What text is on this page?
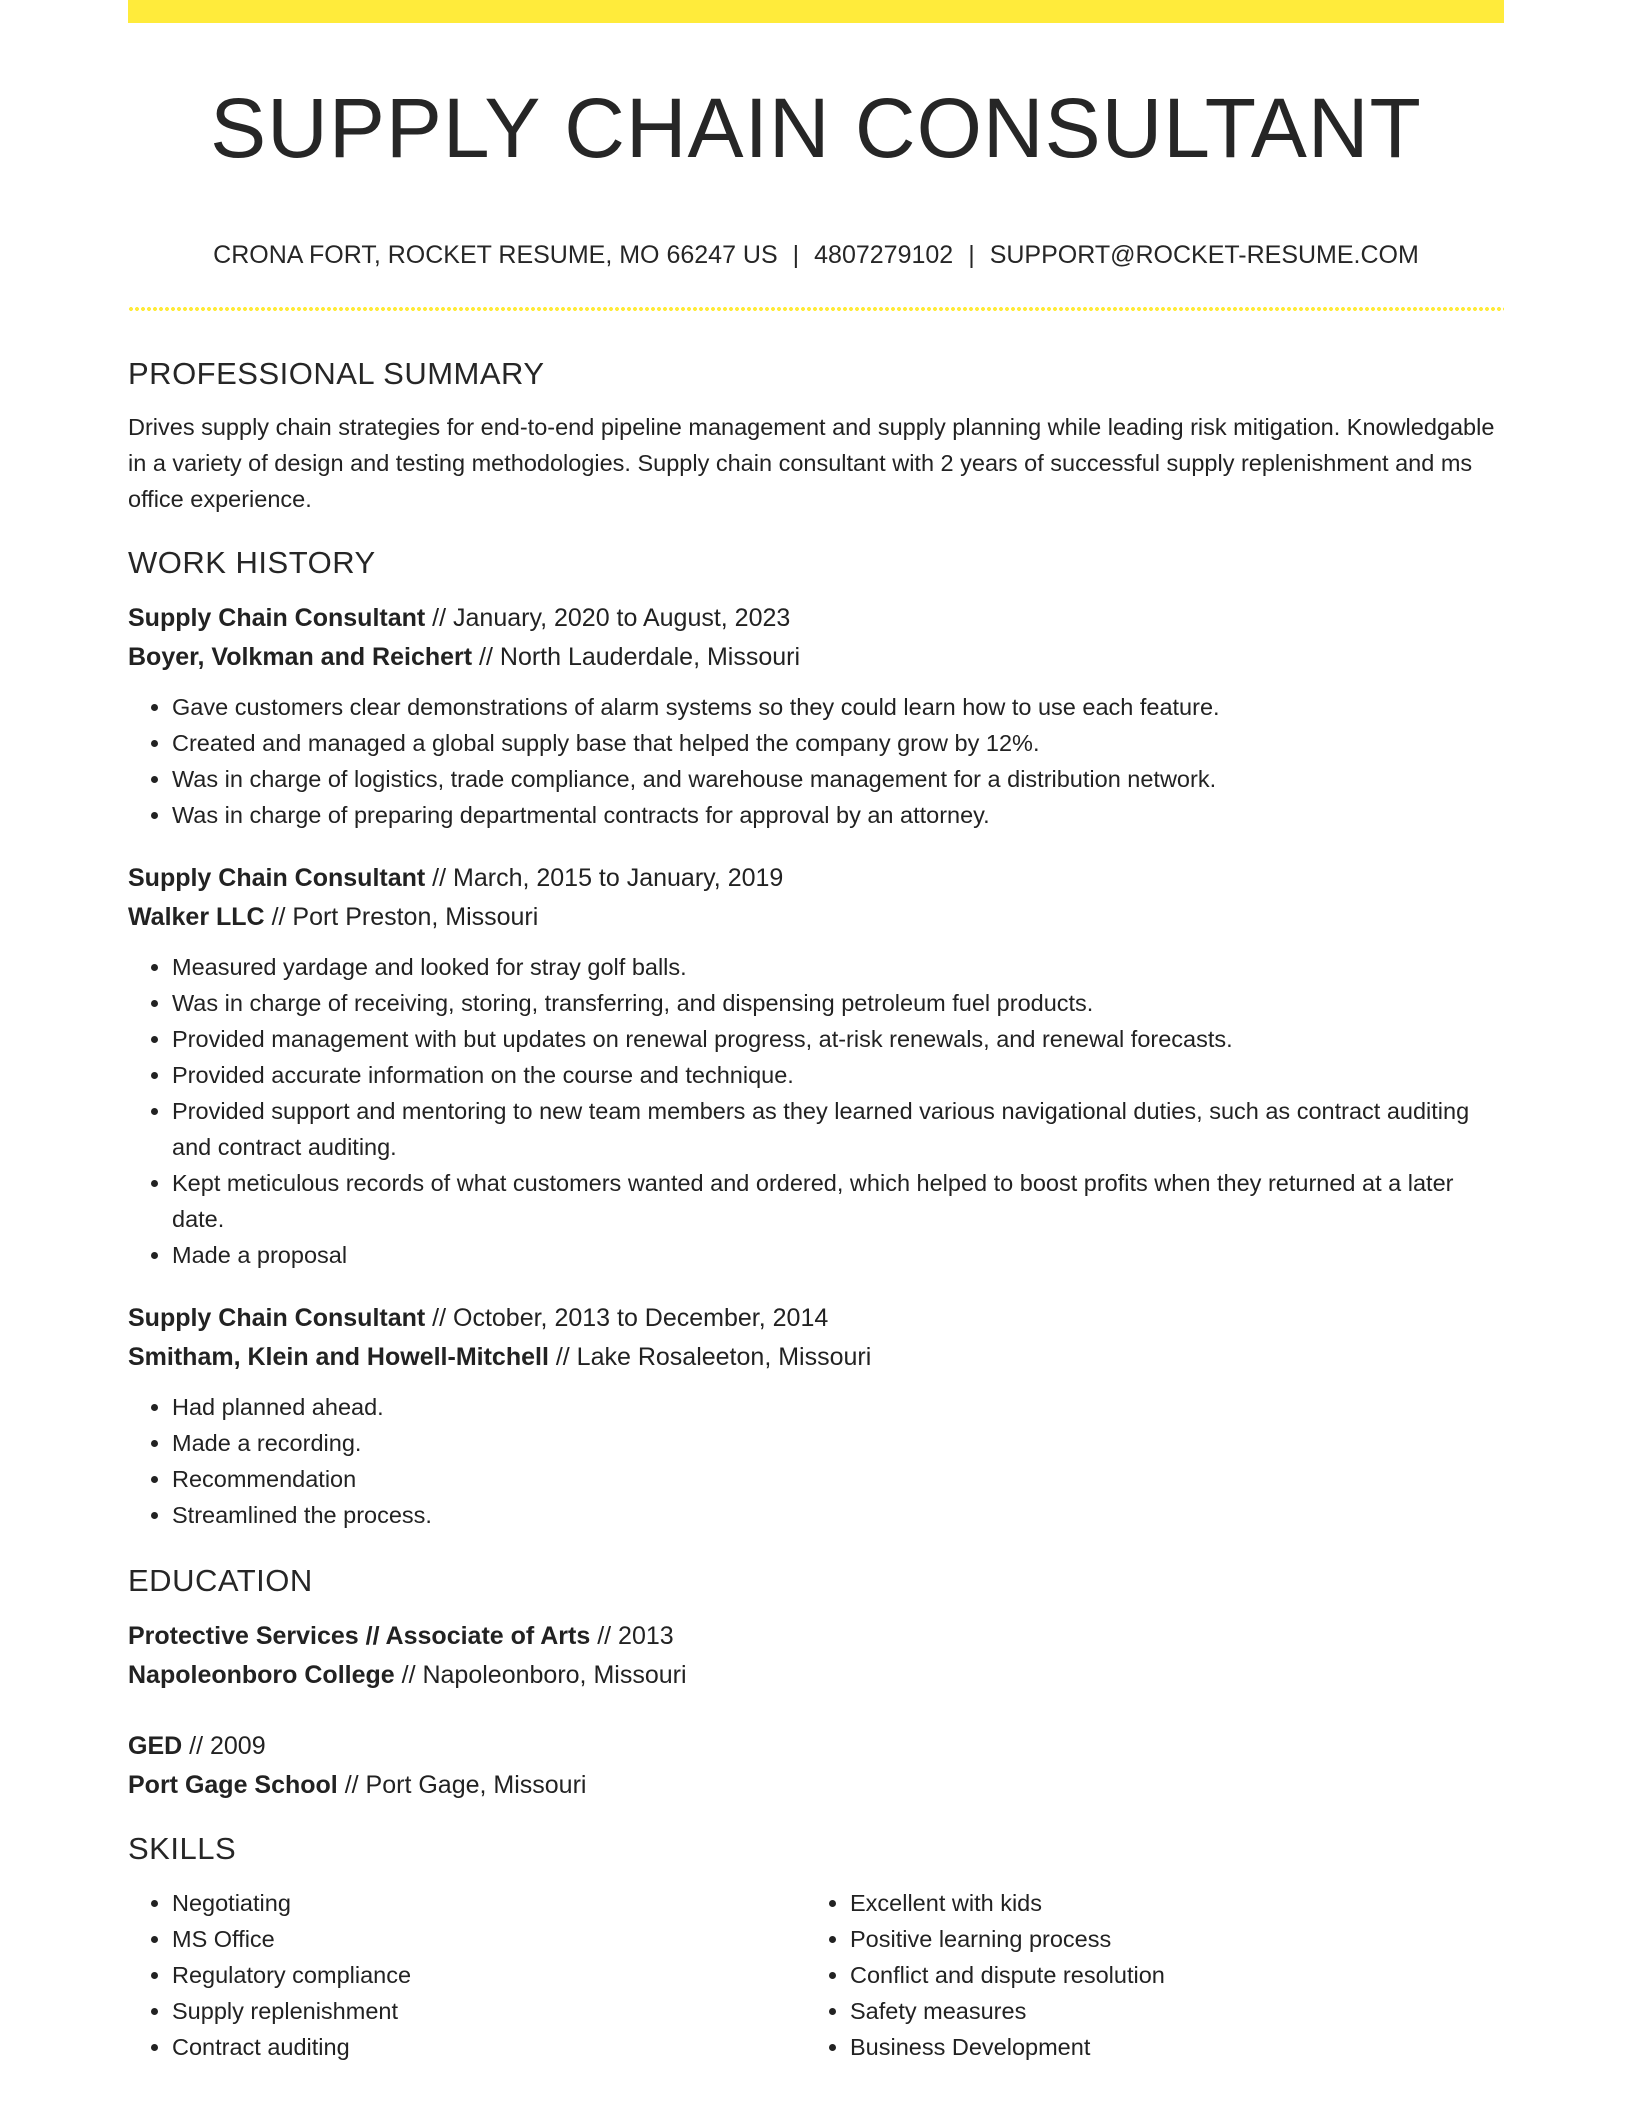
SUPPLY CHAIN CONSULTANT
CRONA FORT, ROCKET RESUME, MO 66247 US | 4807279102 | SUPPORT@ROCKET-RESUME.COM
PROFESSIONAL SUMMARY

Drives supply chain strategies for end-to-end pipeline management and supply planning while leading risk mitigation. Knowledgable in a variety of design and testing methodologies. Supply chain consultant with 2 years of successful supply replenishment and ms office experience.

WORK HISTORY
Supply Chain Consultant // January, 2020 to August, 2023
Boyer, Volkman and Reichert // North Lauderdale, Missouri
• Gave customers clear demonstrations of alarm systems so they could learn how to use each feature.
• Created and managed a global supply base that helped the company grow by 12%.
• Was in charge of logistics, trade compliance, and warehouse management for a distribution network.
• Was in charge of preparing departmental contracts for approval by an attorney.
Supply Chain Consultant // March, 2015 to January, 2019
Walker LLC // Port Preston, Missouri
• Measured yardage and looked for stray golf balls.
• Was in charge of receiving, storing, transferring, and dispensing petroleum fuel products.
• Provided management with but updates on renewal progress, at-risk renewals, and renewal forecasts.
• Provided accurate information on the course and technique.
• Provided support and mentoring to new team members as they learned various navigational duties, such as contract auditing and contract auditing.
• Kept meticulous records of what customers wanted and ordered, which helped to boost profits when they returned at a later date.
• Made a proposal
Supply Chain Consultant // October, 2013 to December, 2014
Smitham, Klein and Howell-Mitchell // Lake Rosaleeton, Missouri
• Had planned ahead.
• Made a recording.
• Recommendation
• Streamlined the process.
EDUCATION
Protective Services // Associate of Arts // 2013
Napoleonboro College // Napoleonboro, Missouri
GED // 2009
Port Gage School // Port Gage, Missouri
SKILLS
• Negotiating
• MS Office
• Regulatory compliance
• Supply replenishment
• Contract auditing
• Excellent with kids
• Positive learning process
• Conflict and dispute resolution
• Safety measures
• Business Development
